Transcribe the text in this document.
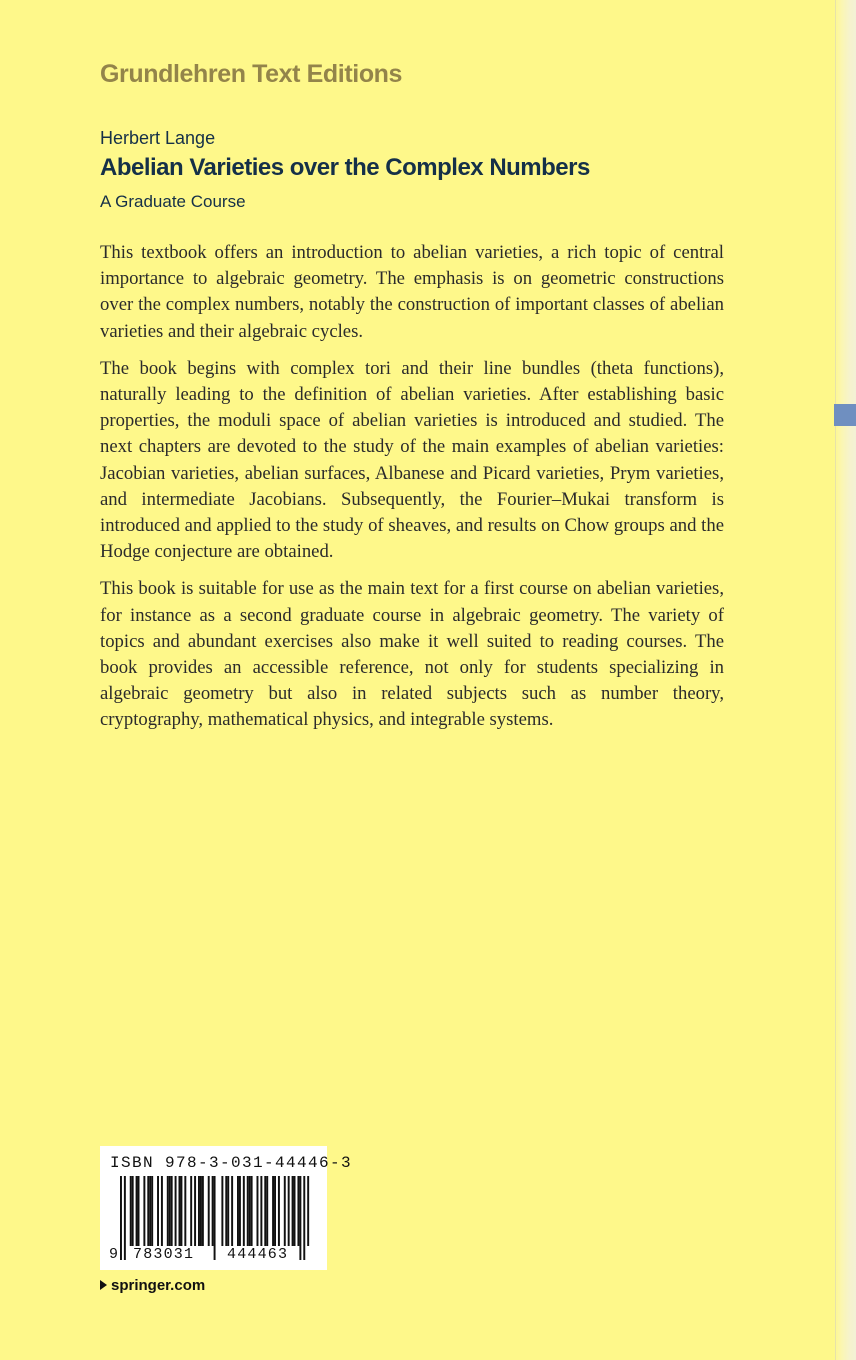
Grundlehren Text Editions
Herbert Lange
Abelian Varieties over the Complex Numbers
A Graduate Course

This textbook offers an introduction to abelian varieties, a rich topic of central importance to algebraic geometry. The emphasis is on geometric constructions over the complex numbers, notably the construction of important classes of abelian varieties and their algebraic cycles.

The book begins with complex tori and their line bundles (theta functions), naturally leading to the definition of abelian varieties. After establishing basic properties, the moduli space of abelian varieties is introduced and studied. The next chapters are devoted to the study of the main examples of abelian varieties: Jacobian varieties, abelian surfaces, Albanese and Picard varieties, Prym varieties, and intermediate Jacobians. Subsequently, the Fourier–Mukai transform is introduced and applied to the study of sheaves, and results on Chow groups and the Hodge conjecture are obtained.

This book is suitable for use as the main text for a first course on abelian varieties, for instance as a second graduate course in algebraic geometry. The variety of topics and abundant exercises also make it well suited to reading courses. The book provides an accessible reference, not only for students specializing in algebraic geometry but also in related subjects such as number theory, cryptography, mathematical physics, and integrable systems.

ISBN 978-3-031-44446-3
9 783031 444463
springer.com
